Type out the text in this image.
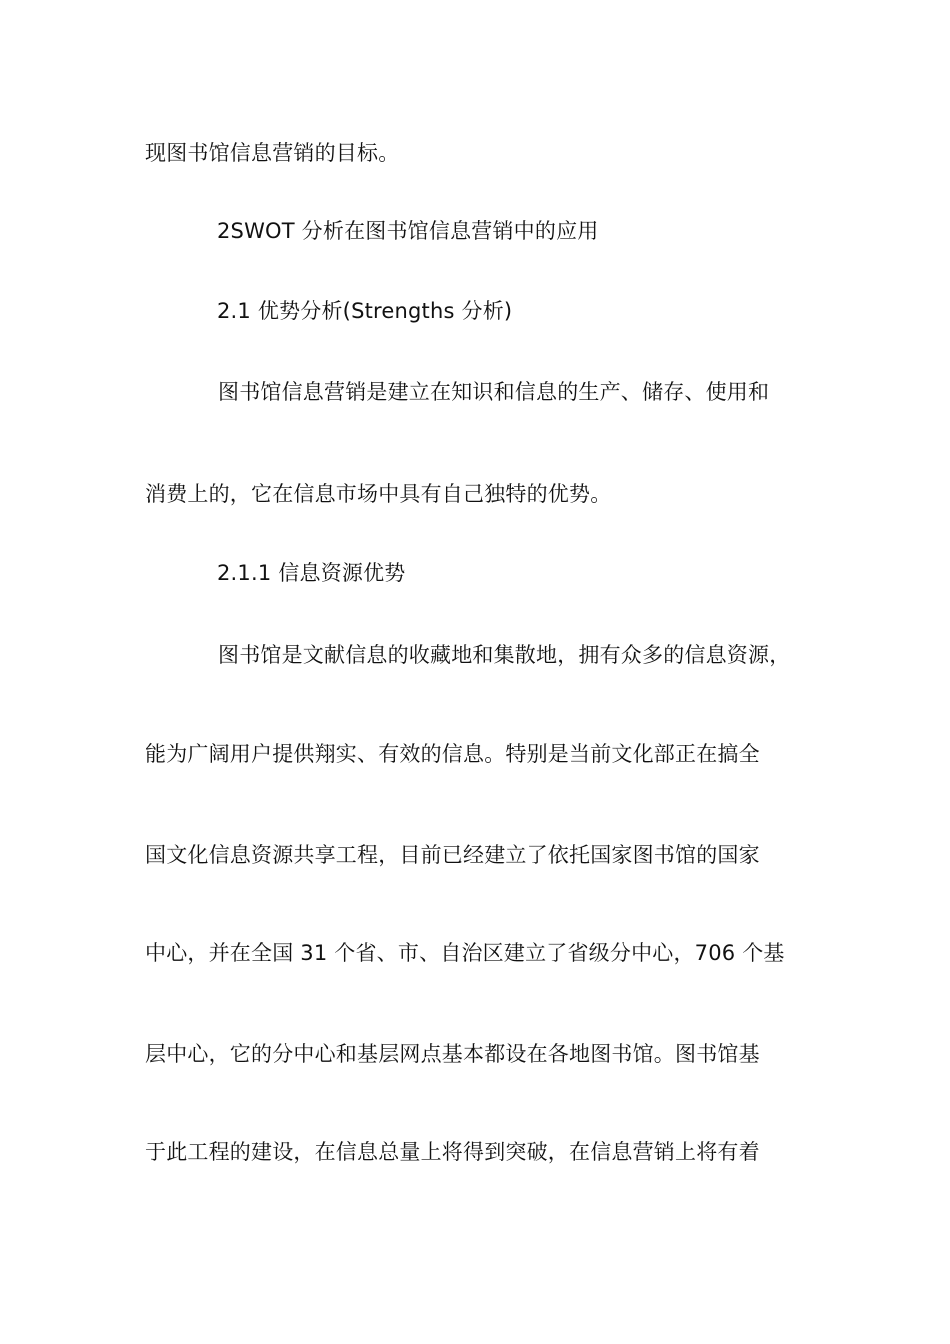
现图书馆信息营销的目标。
2SWOT 分析在图书馆信息营销中的应用
2.1 优势分析(Strengths 分析)
图书馆信息营销是建立在知识和信息的生产、储存、使用和
消费上的，它在信息市场中具有自己独特的优势。
2.1.1 信息资源优势
图书馆是文献信息的收藏地和集散地，拥有众多的信息资源，
能为广阔用户提供翔实、有效的信息。特别是当前文化部正在搞全
国文化信息资源共享工程，目前已经建立了依托国家图书馆的国家
中心，并在全国 31 个省、市、自治区建立了省级分中心，706 个基
层中心，它的分中心和基层网点基本都设在各地图书馆。图书馆基
于此工程的建设，在信息总量上将得到突破，在信息营销上将有着
